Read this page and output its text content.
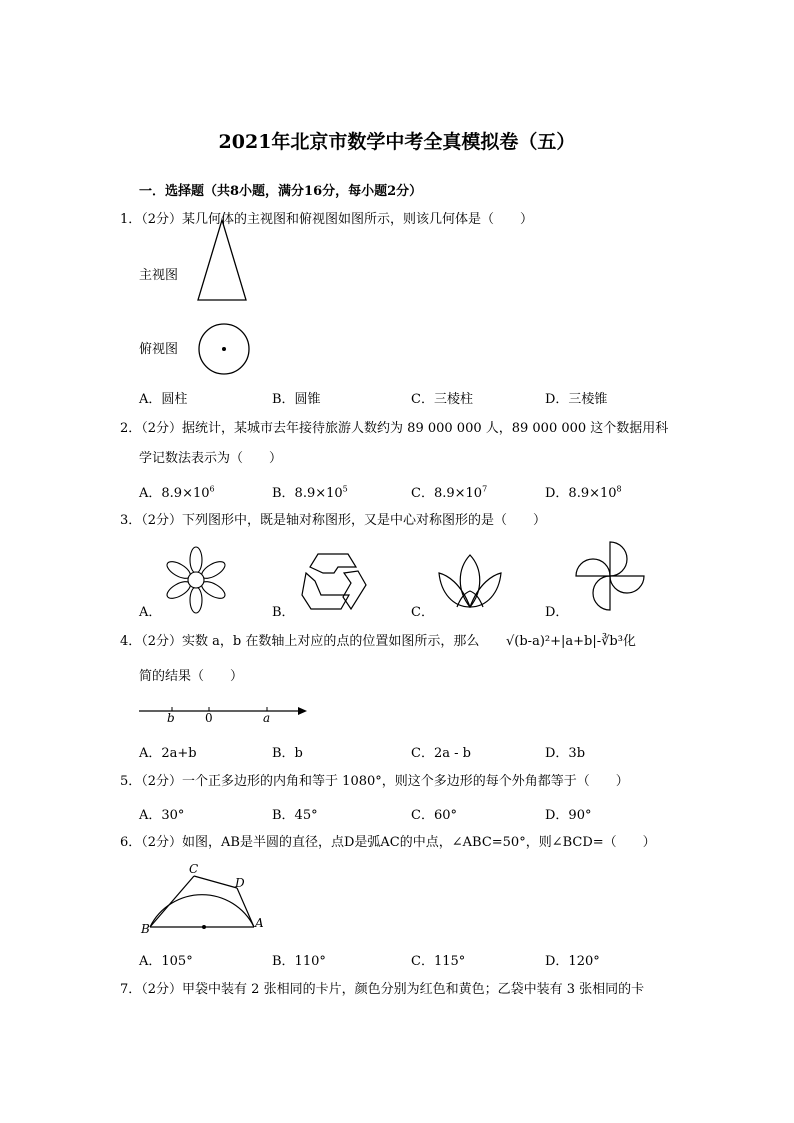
2021年北京市数学中考全真模拟卷（五）
一．选择题（共8小题，满分16分，每小题2分）
1．（2分）某几何体的主视图和俯视图如图所示，则该几何体是（　　）
主视图
俯视图
A．圆柱	B．圆锥	C．三棱柱	D．三棱锥
2．（2分）据统计，某城市去年接待旅游人数约为 89 000 000 人，89 000 000 这个数据用科
学记数法表示为（　　）
A．$8.9\times 10^6$	B．$8.9\times 10^5$	C．$8.9\times 10^7$	D．$8.9\times 10^8$
3．（2分）下列图形中，既是轴对称图形，又是中心对称图形的是（　　）
A．	B．	C．	D．
4．（2分）实数 a，b 在数轴上对应的点的位置如图所示，那么 √(b-a)²+|a+b|-∛b³化
简的结果（　　）
b	0	a
A．2a+b	B．b	C．2a - b	D．3b
5．（2分）一个正多边形的内角和等于 1080°，则这个多边形的每个外角都等于（　　）
A．30°	B．45°	C．60°	D．90°
6．（2分）如图，AB是半圆的直径，点D是弧AC的中点，∠ABC=50°，则∠BCD=（　　）
C
D
B	A
A．105°	B．110°	C．115°	D．120°
7．（2分）甲袋中装有 2 张相同的卡片，颜色分别为红色和黄色；乙袋中装有 3 张相同的卡
